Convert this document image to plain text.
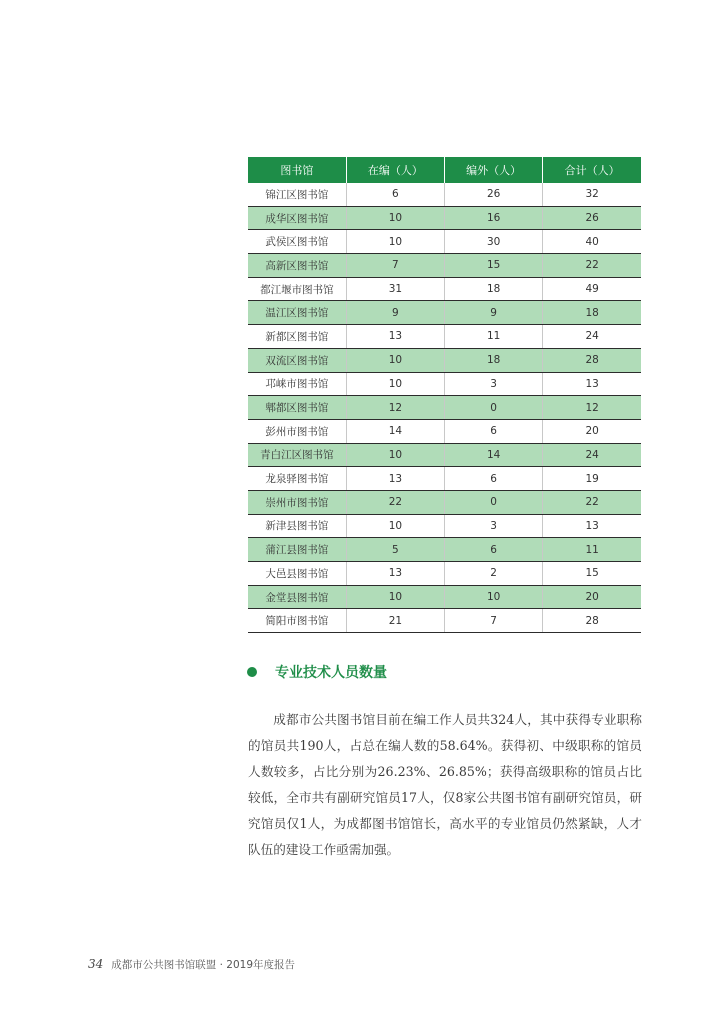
图书馆	在编（人）	编外（人）	合计（人）
锦江区图书馆	6	26	32
成华区图书馆	10	16	26
武侯区图书馆	10	30	40
高新区图书馆	7	15	22
都江堰市图书馆	31	18	49
温江区图书馆	9	9	18
新都区图书馆	13	11	24
双流区图书馆	10	18	28
邛崃市图书馆	10	3	13
郫都区图书馆	12	0	12
彭州市图书馆	14	6	20
青白江区图书馆	10	14	24
龙泉驿图书馆	13	6	19
崇州市图书馆	22	0	22
新津县图书馆	10	3	13
蒲江县图书馆	5	6	11
大邑县图书馆	13	2	15
金堂县图书馆	10	10	20
简阳市图书馆	21	7	28
专业技术人员数量

成都市公共图书馆目前在编工作人员共324人，其中获得专业职称的馆员共190人，占总在编人数的58.64%。获得初、中级职称的馆员人数较多，占比分别为26.23%、26.85%；获得高级职称的馆员占比较低，全市共有副研究馆员17人，仅8家公共图书馆有副研究馆员，研究馆员仅1人，为成都图书馆馆长，高水平的专业馆员仍然紧缺，人才队伍的建设工作亟需加强。

34 成都市公共图书馆联盟 · 2019年度报告
